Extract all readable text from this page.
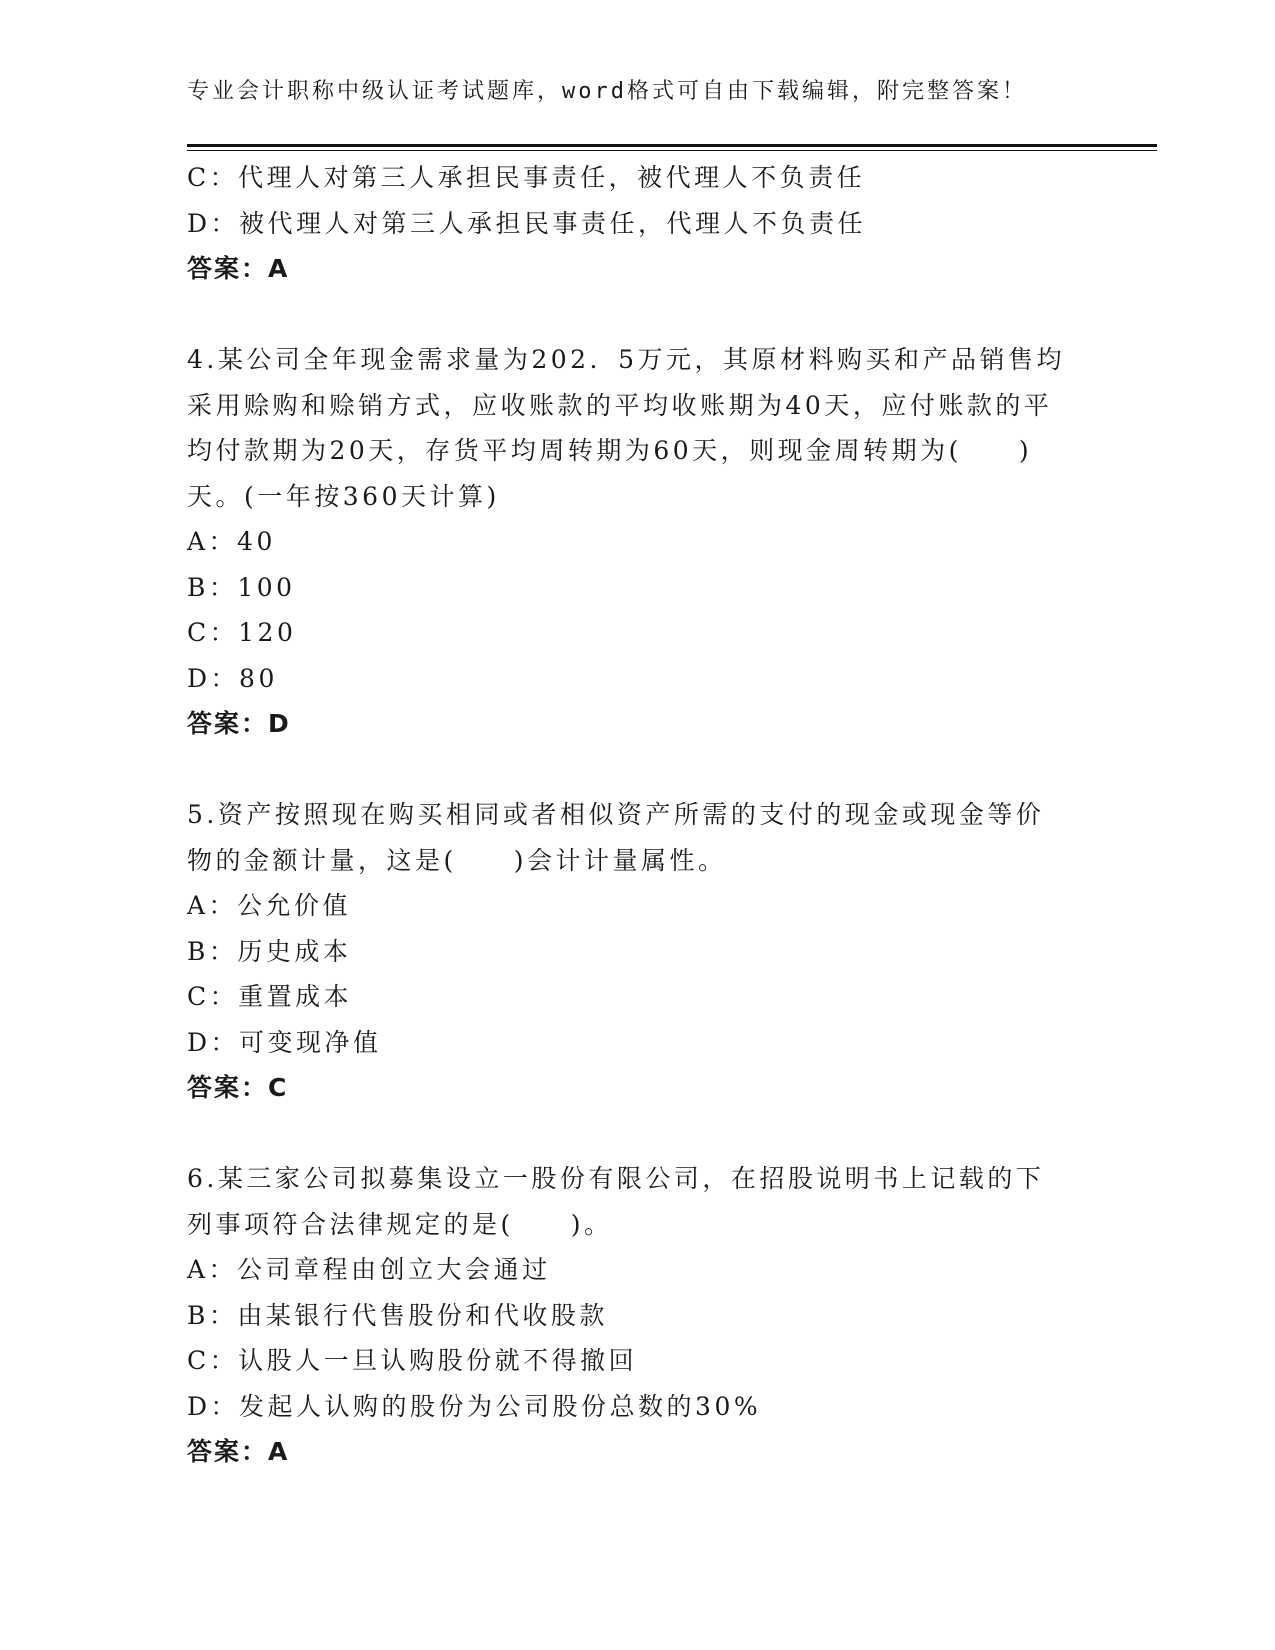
专业会计职称中级认证考试题库，word格式可自由下载编辑，附完整答案！
C：代理人对第三人承担民事责任，被代理人不负责任
D：被代理人对第三人承担民事责任，代理人不负责任
答案：A
4.某公司全年现金需求量为202．5万元，其原材料购买和产品销售均
采用赊购和赊销方式，应收账款的平均收账期为40天，应付账款的平
均付款期为20天，存货平均周转期为60天，则现金周转期为(　　)
天。(一年按360天计算)
A：40
B：100
C：120
D：80
答案：D
5.资产按照现在购买相同或者相似资产所需的支付的现金或现金等价
物的金额计量，这是(　　)会计计量属性。
A：公允价值
B：历史成本
C：重置成本
D：可变现净值
答案：C
6.某三家公司拟募集设立一股份有限公司，在招股说明书上记载的下
列事项符合法律规定的是(　　)。
A：公司章程由创立大会通过
B：由某银行代售股份和代收股款
C：认股人一旦认购股份就不得撤回
D：发起人认购的股份为公司股份总数的30%
答案：A
